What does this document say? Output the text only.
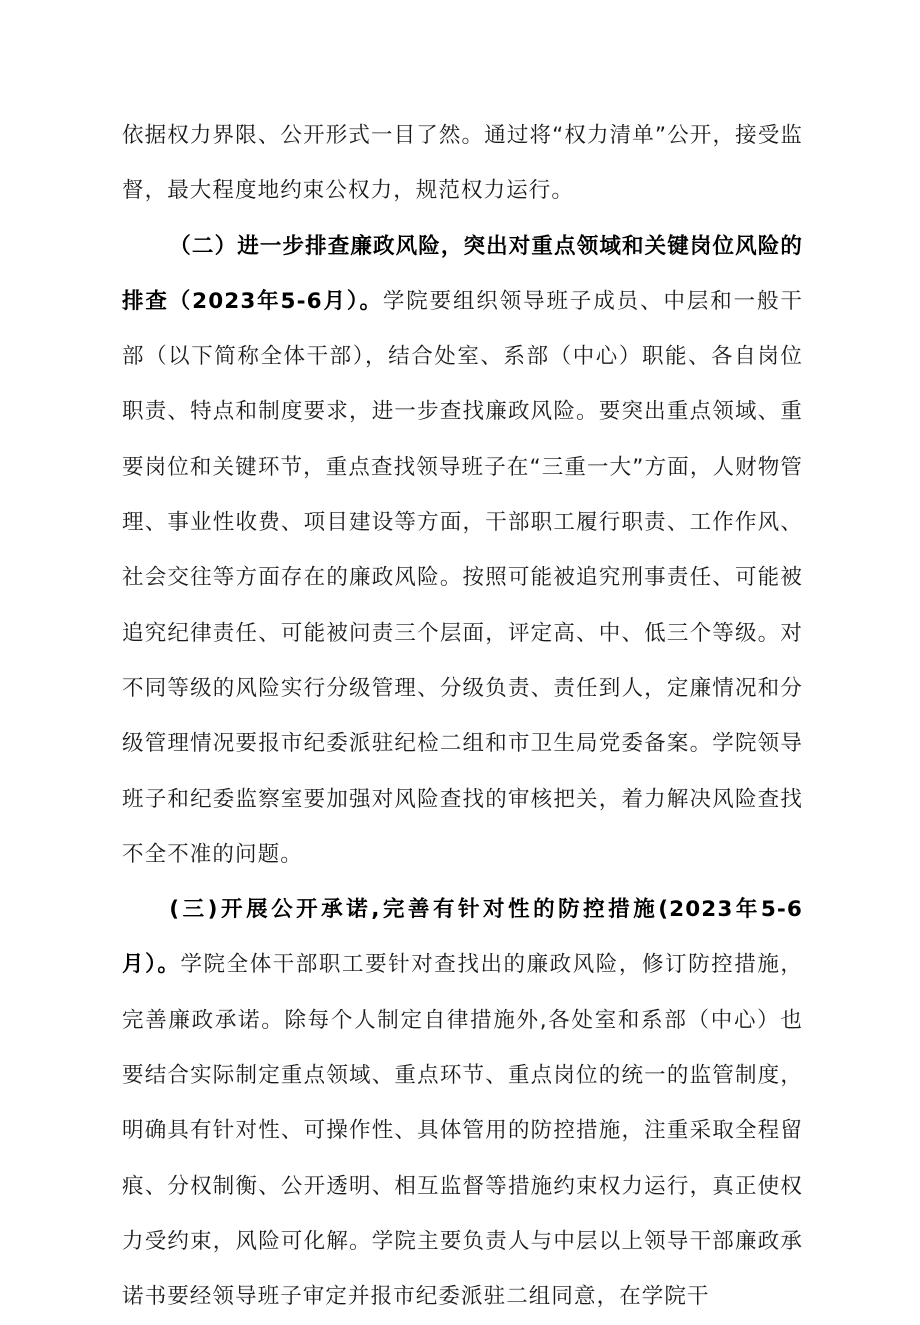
依据权力界限、公开形式一目了然。通过将“权力清单”公开，接受监督，最大程度地约束公权力，规范权力运行。

（二）进一步排查廉政风险，突出对重点领域和关键岗位风险的排查（2023年5-6月）。学院要组织领导班子成员、中层和一般干部（以下简称全体干部），结合处室、系部（中心）职能、各自岗位职责、特点和制度要求，进一步查找廉政风险。要突出重点领域、重要岗位和关键环节，重点查找领导班子在“三重一大”方面，人财物管理、事业性收费、项目建设等方面，干部职工履行职责、工作作风、社会交往等方面存在的廉政风险。按照可能被追究刑事责任、可能被追究纪律责任、可能被问责三个层面，评定高、中、低三个等级。对不同等级的风险实行分级管理、分级负责、责任到人，定廉情况和分级管理情况要报市纪委派驻纪检二组和市卫生局党委备案。学院领导班子和纪委监察室要加强对风险查找的审核把关，着力解决风险查找不全不准的问题。

(三)开展公开承诺,完善有针对性的防控措施(2023年5-6月）。学院全体干部职工要针对查找出的廉政风险，修订防控措施，完善廉政承诺。除每个人制定自律措施外,各处室和系部（中心）也要结合实际制定重点领域、重点环节、重点岗位的统一的监管制度，明确具有针对性、可操作性、具体管用的防控措施，注重采取全程留痕、分权制衡、公开透明、相互监督等措施约束权力运行，真正使权力受约束，风险可化解。学院主要负责人与中层以上领导干部廉政承诺书要经领导班子审定并报市纪委派驻二组同意，在学院干
